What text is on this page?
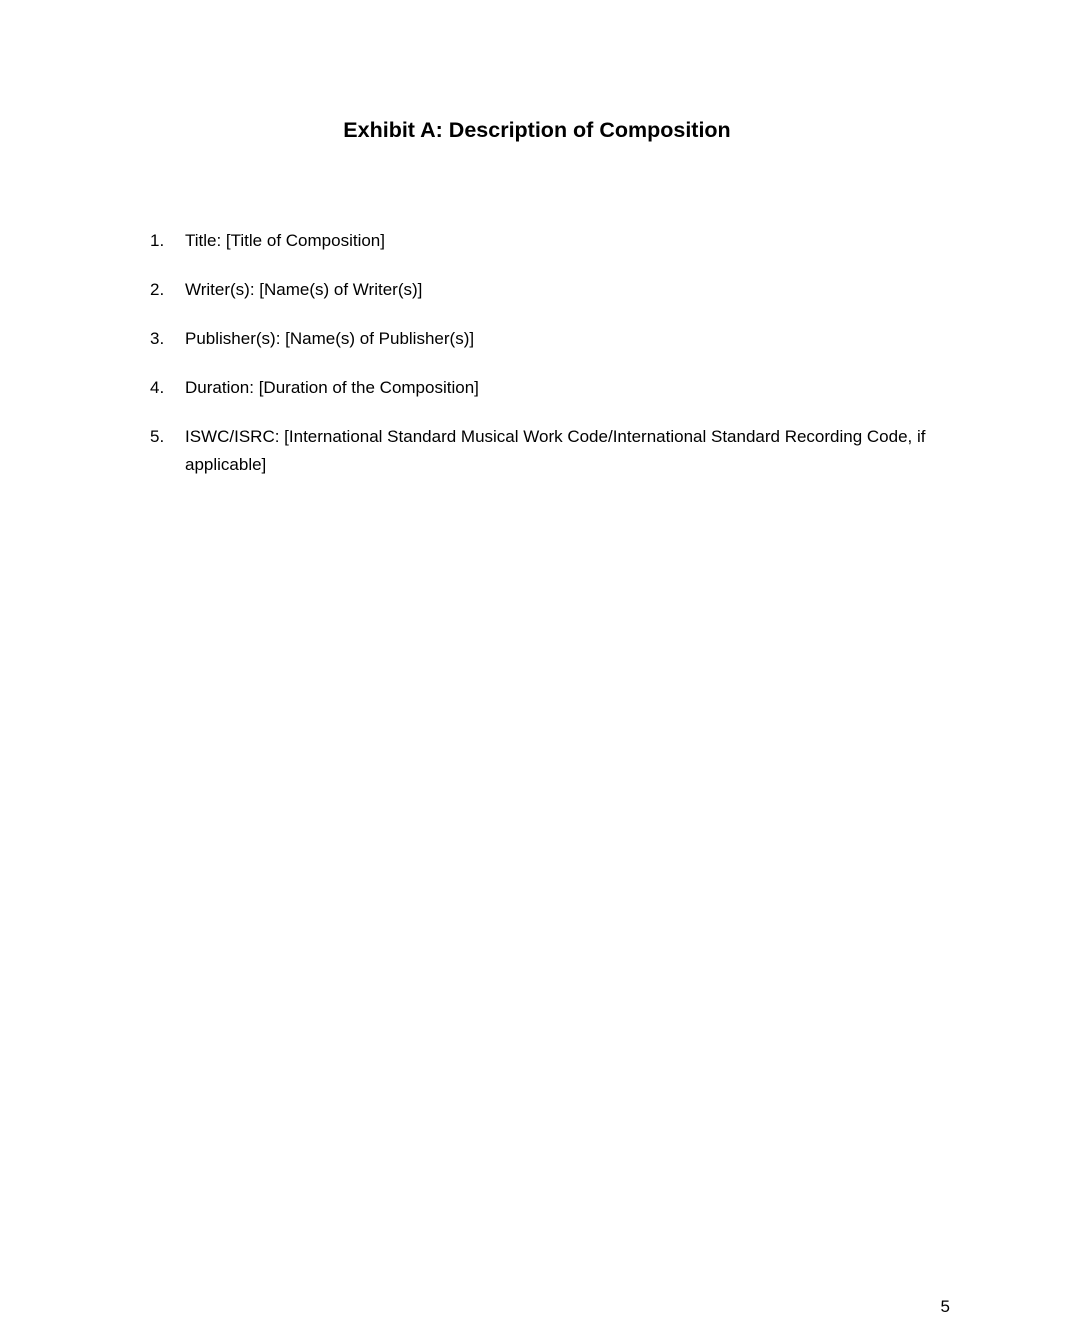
Exhibit A: Description of Composition
1.	Title: [Title of Composition]
2.	Writer(s): [Name(s) of Writer(s)]
3.	Publisher(s): [Name(s) of Publisher(s)]
4.	Duration: [Duration of the Composition]
5.	ISWC/ISRC: [International Standard Musical Work Code/International Standard Recording Code, if applicable]
5
